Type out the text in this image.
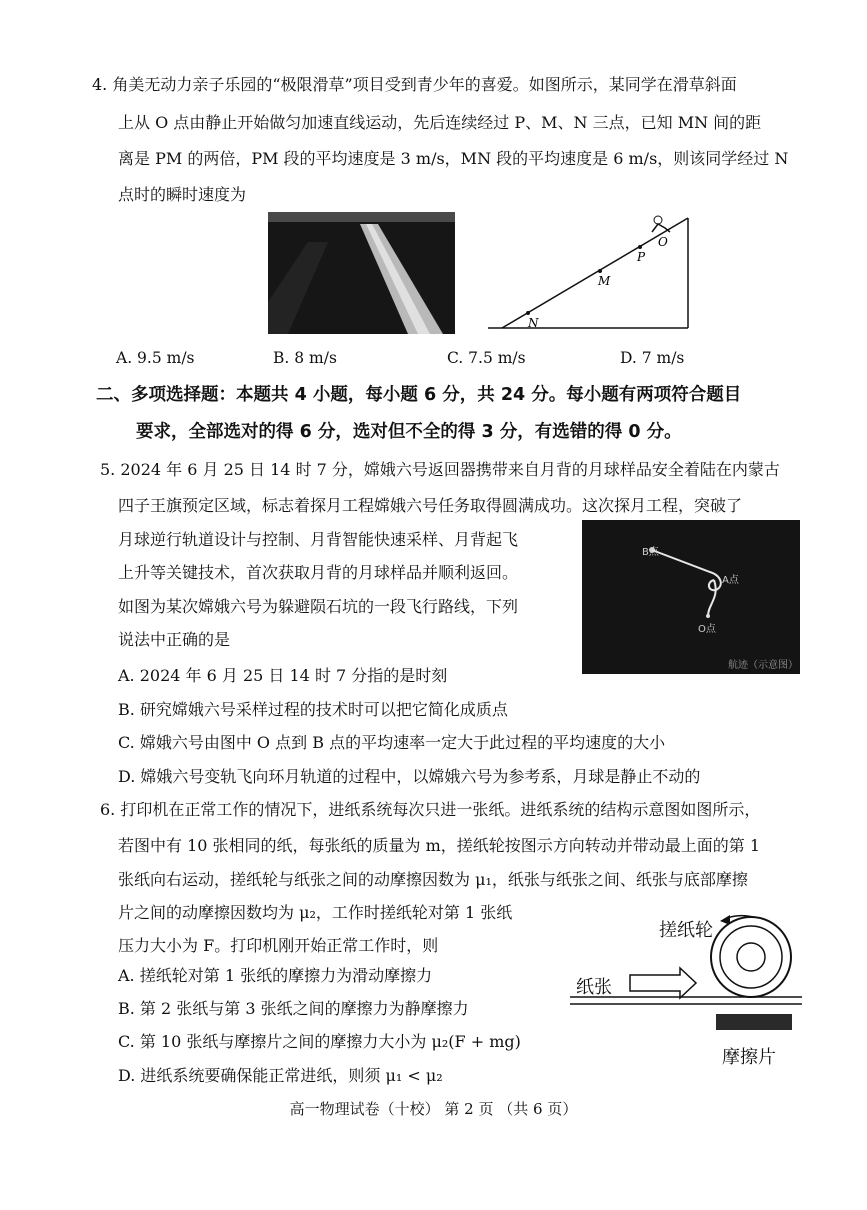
4. 角美无动力亲子乐园的“极限滑草”项目受到青少年的喜爱。如图所示，某同学在滑草斜面
上从 O 点由静止开始做匀加速直线运动，先后连续经过 P、M、N 三点，已知 MN 间的距
离是 PM 的两倍，PM 段的平均速度是 3 m/s，MN 段的平均速度是 6 m/s，则该同学经过 N
点时的瞬时速度为
O
P
M
N
A. 9.5 m/s	B. 8 m/s	C. 7.5 m/s	D. 7 m/s
二、多项选择题：本题共 4 小题，每小题 6 分，共 24 分。每小题有两项符合题目
要求，全部选对的得 6 分，选对但不全的得 3 分，有选错的得 0 分。
5. 2024 年 6 月 25 日 14 时 7 分，嫦娥六号返回器携带来自月背的月球样品安全着陆在内蒙古
四子王旗预定区域，标志着探月工程嫦娥六号任务取得圆满成功。这次探月工程，突破了
月球逆行轨道设计与控制、月背智能快速采样、月背起飞
上升等关键技术，首次获取月背的月球样品并顺利返回。
如图为某次嫦娥六号为躲避陨石坑的一段飞行路线，下列
说法中正确的是
B点
A点
O点
航迹（示意图）
A. 2024 年 6 月 25 日 14 时 7 分指的是时刻
B. 研究嫦娥六号采样过程的技术时可以把它简化成质点
C. 嫦娥六号由图中 O 点到 B 点的平均速率一定大于此过程的平均速度的大小
D. 嫦娥六号变轨飞向环月轨道的过程中，以嫦娥六号为参考系，月球是静止不动的
6. 打印机在正常工作的情况下，进纸系统每次只进一张纸。进纸系统的结构示意图如图所示，
若图中有 10 张相同的纸，每张纸的质量为 m，搓纸轮按图示方向转动并带动最上面的第 1
张纸向右运动，搓纸轮与纸张之间的动摩擦因数为 μ₁，纸张与纸张之间、纸张与底部摩擦
片之间的动摩擦因数均为 μ₂，工作时搓纸轮对第 1 张纸
压力大小为 F。打印机刚开始正常工作时，则
A. 搓纸轮对第 1 张纸的摩擦力为滑动摩擦力
B. 第 2 张纸与第 3 张纸之间的摩擦力为静摩擦力
C. 第 10 张纸与摩擦片之间的摩擦力大小为 μ₂(F + mg)
D. 进纸系统要确保能正常进纸，则须 μ₁ < μ₂
搓纸轮
纸张
摩擦片
高一物理试卷（十校） 第 2 页 （共 6 页）
